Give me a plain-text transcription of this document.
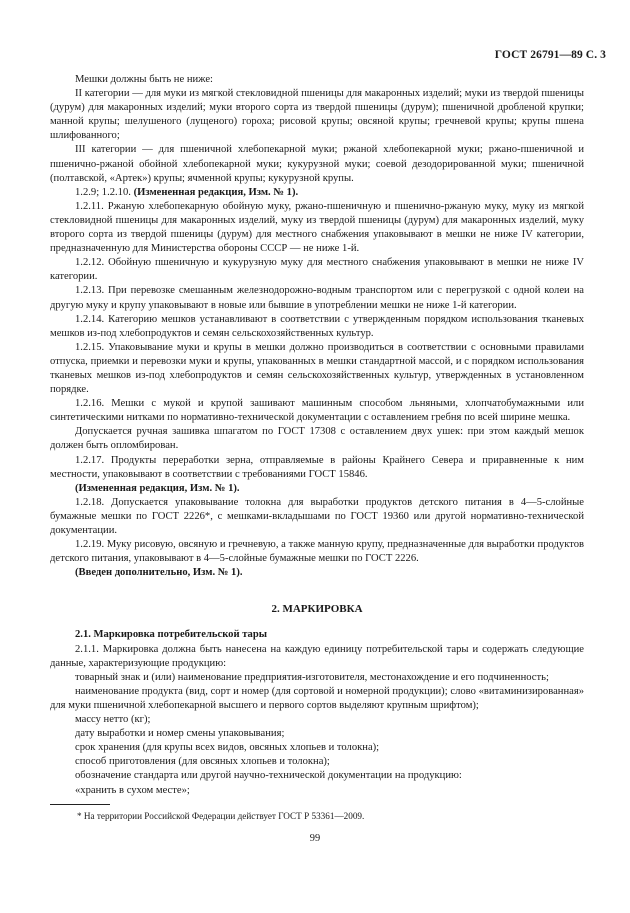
ГОСТ 26791—89 С. 3

Мешки должны быть не ниже:

II категории — для муки из мягкой стекловидной пшеницы для макаронных изделий; муки из твердой пшеницы (дурум) для макаронных изделий; муки второго сорта из твердой пшеницы (дурум); пшеничной дробленой крупки; манной крупы; шелушеного (лущеного) гороха; рисовой крупы; овсяной крупы; гречневой крупы; крупы пшена шлифованного;

III категории — для пшеничной хлебопекарной муки; ржаной хлебопекарной муки; ржано-пшеничной и пшенично-ржаной обойной хлебопекарной муки; кукурузной муки; соевой дезодорированной муки; пшеничной (полтавской, «Артек») крупы; ячменной крупы; кукурузной крупы.

1.2.9; 1.2.10. (Измененная редакция, Изм. № 1).

1.2.11. Ржаную хлебопекарную обойную муку, ржано-пшеничную и пшенично-ржаную муку, муку из мягкой стекловидной пшеницы для макаронных изделий, муку из твердой пшеницы (дурум) для макаронных изделий, муку второго сорта из твердой пшеницы (дурум) для местного снабжения упаковывают в мешки не ниже IV категории, предназначенную для Министерства обороны СССР — не ниже 1-й.

1.2.12. Обойную пшеничную и кукурузную муку для местного снабжения упаковывают в мешки не ниже IV категории.

1.2.13. При перевозке смешанным железнодорожно-водным транспортом или с перегрузкой с одной колеи на другую муку и крупу упаковывают в новые или бывшие в употреблении мешки не ниже 1-й категории.

1.2.14. Категорию мешков устанавливают в соответствии с утвержденным порядком использования тканевых мешков из-под хлебопродуктов и семян сельскохозяйственных культур.

1.2.15. Упаковывание муки и крупы в мешки должно производиться в соответствии с основными правилами отпуска, приемки и перевозки муки и крупы, упакованных в мешки стандартной массой, и с порядком использования тканевых мешков из-под хлебопродуктов и семян сельскохозяйственных культур, утвержденных в установленном порядке.

1.2.16. Мешки с мукой и крупой зашивают машинным способом льняными, хлопчатобумажными или синтетическими нитками по нормативно-технической документации с оставлением гребня по всей ширине мешка.

Допускается ручная зашивка шпагатом по ГОСТ 17308 с оставлением двух ушек: при этом каждый мешок должен быть опломбирован.

1.2.17. Продукты переработки зерна, отправляемые в районы Крайнего Севера и приравненные к ним местности, упаковывают в соответствии с требованиями ГОСТ 15846.

(Измененная редакция, Изм. № 1).

1.2.18. Допускается упаковывание толокна для выработки продуктов детского питания в 4—5-слойные бумажные мешки по ГОСТ 2226*, с мешками-вкладышами по ГОСТ 19360 или другой нормативно-технической документации.

1.2.19. Муку рисовую, овсяную и гречневую, а также манную крупу, предназначенные для выработки продуктов детского питания, упаковывают в 4—5-слойные бумажные мешки по ГОСТ 2226.

(Введен дополнительно, Изм. № 1).

2. МАРКИРОВКА

2.1. Маркировка потребительской тары

2.1.1. Маркировка должна быть нанесена на каждую единицу потребительской тары и содержать следующие данные, характеризующие продукцию:

товарный знак и (или) наименование предприятия-изготовителя, местонахождение и его подчиненность;

наименование продукта (вид, сорт и номер (для сортовой и номерной продукции); слово «витаминизированная» для муки пшеничной хлебопекарной высшего и первого сортов выделяют крупным шрифтом);

массу нетто (кг);

дату выработки и номер смены упаковывания;

срок хранения (для крупы всех видов, овсяных хлопьев и толокна);

способ приготовления (для овсяных хлопьев и толокна);

обозначение стандарта или другой научно-технической документации на продукцию:

«хранить в сухом месте»;

* На территории Российской Федерации действует ГОСТ Р 53361—2009.
99
